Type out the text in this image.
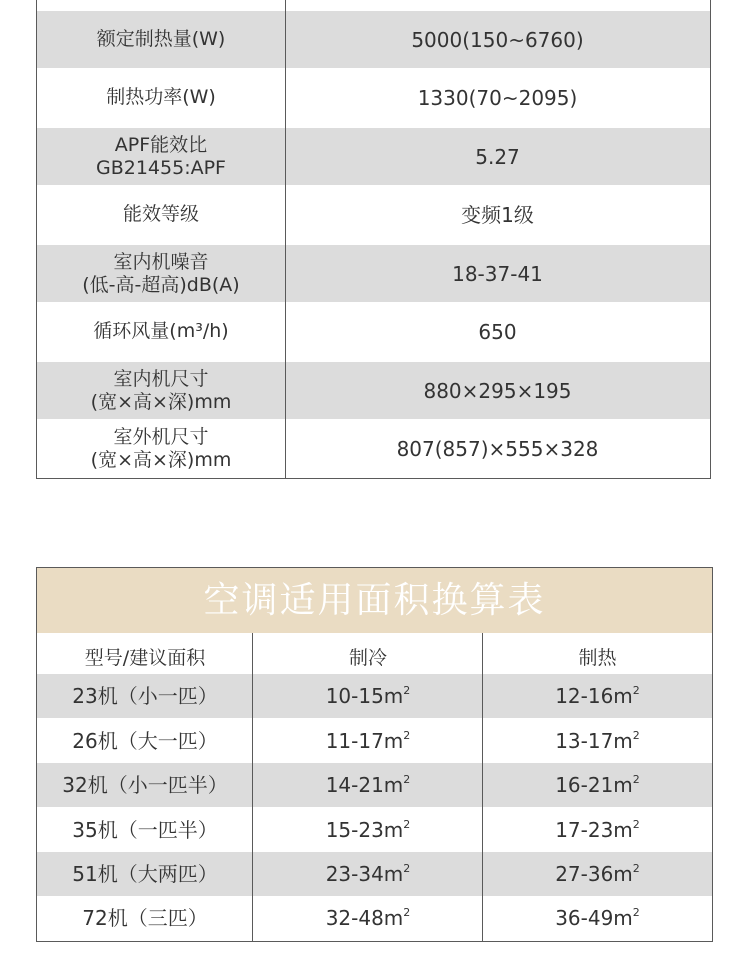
额定制热量(W)	5000(150~6760)
制热功率(W)	1330(70~2095)
APF能效比
GB21455:APF	5.27
能效等级	变频1级
室内机噪音
(低-高-超高)dB(A)	18-37-41
循环风量(m³/h)	650
室内机尺寸
(宽×高×深)mm	880×295×195
室外机尺寸
(宽×高×深)mm	807(857)×555×328
空调适用面积换算表
型号/建议面积	制冷	制热
23机（小一匹）	$10-15m^2$	$12-16m^2$
26机（大一匹）	$11-17m^2$	$13-17m^2$
32机（小一匹半）	$14-21m^2$	$16-21m^2$
35机（一匹半）	$15-23m^2$	$17-23m^2$
51机（大两匹）	$23-34m^2$	$27-36m^2$
72机（三匹）	$32-48m^2$	$36-49m^2$
